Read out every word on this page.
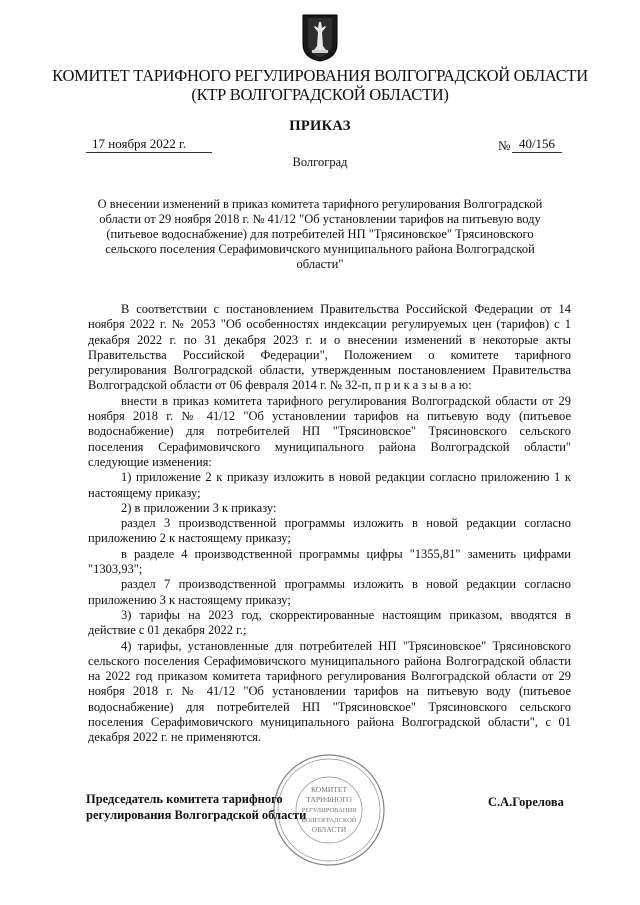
КОМИТЕТ ТАРИФНОГО РЕГУЛИРОВАНИЯ ВОЛГОГРАДСКОЙ ОБЛАСТИ
(КТР ВОЛГОГРАДСКОЙ ОБЛАСТИ)
ПРИКАЗ
17 ноября 2022 г.	№ 40/156
Волгоград
О внесении изменений в приказ комитета тарифного регулирования Волгоградской
области от 29 ноября 2018 г. № 41/12 "Об установлении тарифов на питьевую воду
(питьевое водоснабжение) для потребителей НП "Трясиновское" Трясиновского
сельского поселения Серафимовичского муниципального района Волгоградской
области"

В соответствии с постановлением Правительства Российской Федерации от 14 ноября 2022 г. № 2053 "Об особенностях индексации регулируемых цен (тарифов) с 1 декабря 2022 г. по 31 декабря 2023 г. и о внесении изменений в некоторые акты Правительства Российской Федерации", Положением о комитете тарифного регулирования Волгоградской области, утвержденным постановлением Правительства Волгоградской области от 06 февраля 2014 г. № 32-п, п р и к а з ы в а ю:

внести в приказ комитета тарифного регулирования Волгоградской области от 29 ноября 2018 г. № 41/12 "Об установлении тарифов на питьевую воду (питьевое водоснабжение) для потребителей НП "Трясиновское" Трясиновского сельского поселения Серафимовичского муниципального района Волгоградской области" следующие изменения:

1) приложение 2 к приказу изложить в новой редакции согласно приложению 1 к настоящему приказу;

2) в приложении 3 к приказу:

раздел 3 производственной программы изложить в новой редакции согласно приложению 2 к настоящему приказу;

в разделе 4 производственной программы цифры "1355,81" заменить цифрами "1303,93";

раздел 7 производственной программы изложить в новой редакции согласно приложению 3 к настоящему приказу;

3) тарифы на 2023 год, скорректированные настоящим приказом, вводятся в действие с 01 декабря 2022 г.;

4) тарифы, установленные для потребителей НП "Трясиновское" Трясиновского сельского поселения Серафимовичского муниципального района Волгоградской области на 2022 год приказом комитета тарифного регулирования Волгоградской области от 29 ноября 2018 г. № 41/12 "Об установлении тарифов на питьевую воду (питьевое водоснабжение) для потребителей НП "Трясиновское" Трясиновского сельского поселения Серафимовичского муниципального района Волгоградской области", с 01 декабря 2022 г. не применяются.

КОМИТЕТ
ТАРИФНОГО
РЕГУЛИРОВАНИЯ
ВОЛГОГРАДСКОЙ
ОБЛАСТИ
Председатель комитета тарифного
регулирования Волгоградской области
С.А.Горелова
